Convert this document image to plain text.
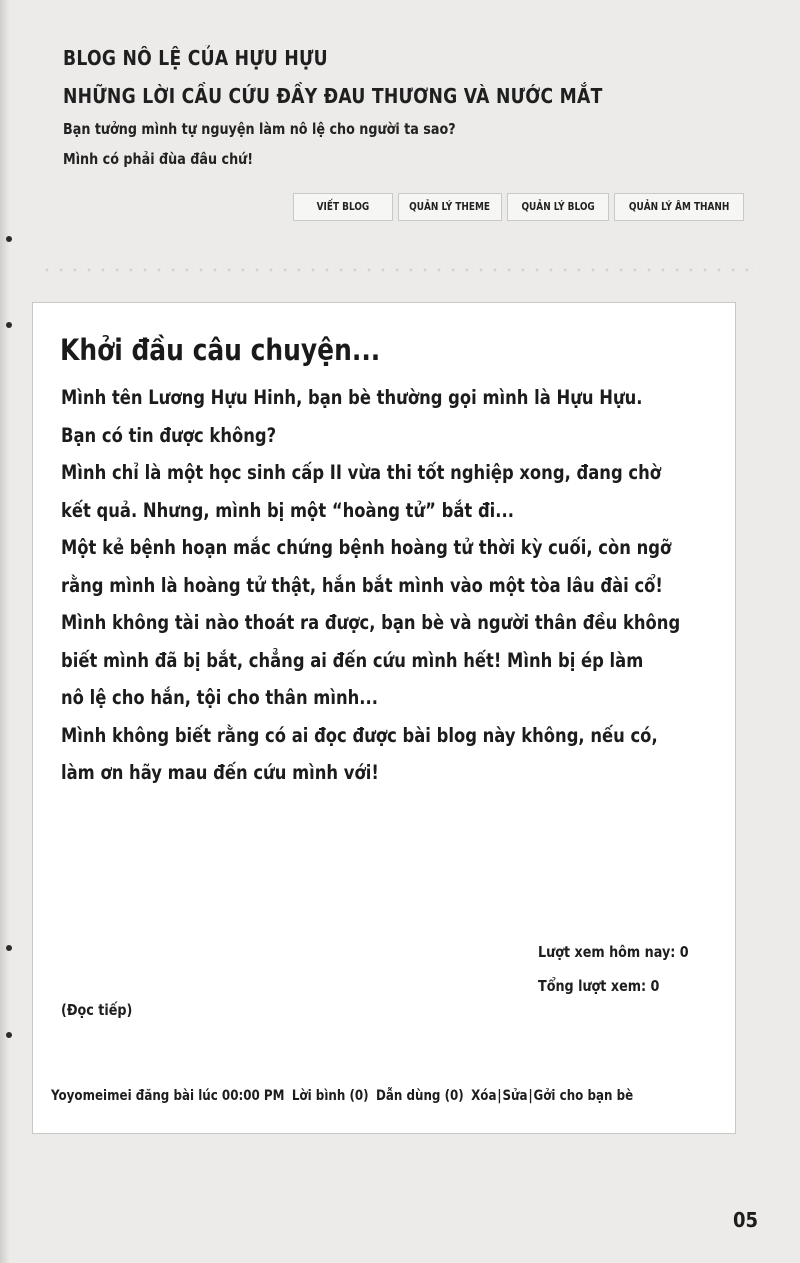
BLOG NÔ LỆ CỦA HỰU HỰU
NHỮNG LỜI CẦU CỨU ĐẦY ĐAU THƯƠNG VÀ NƯỚC MẮT
Bạn tưởng mình tự nguyện làm nô lệ cho người ta sao?
Mình có phải đùa đâu chứ!
VIẾT BLOG	QUẢN LÝ THEME	QUẢN LÝ BLOG	QUẢN LÝ ÂM THANH
Khởi đầu câu chuyện...
Mình tên Lương Hựu Hinh, bạn bè thường gọi mình là Hựu Hựu.
Bạn có tin được không?
Mình chỉ là một học sinh cấp II vừa thi tốt nghiệp xong, đang chờ
kết quả. Nhưng, mình bị một “hoàng tử” bắt đi...
Một kẻ bệnh hoạn mắc chứng bệnh hoàng tử thời kỳ cuối, còn ngỡ
rằng mình là hoàng tử thật, hắn bắt mình vào một tòa lâu đài cổ!
Mình không tài nào thoát ra được, bạn bè và người thân đều không
biết mình đã bị bắt, chẳng ai đến cứu mình hết! Mình bị ép làm
nô lệ cho hắn, tội cho thân mình...
Mình không biết rằng có ai đọc được bài blog này không, nếu có,
làm ơn hãy mau đến cứu mình với!
Lượt xem hôm nay: 0
Tổng lượt xem: 0
(Đọc tiếp)
Yoyomeimei đăng bài lúc 00:00 PM Lời bình (0) Dẫn dùng (0) Xóa|Sửa|Gởi cho bạn bè
05
